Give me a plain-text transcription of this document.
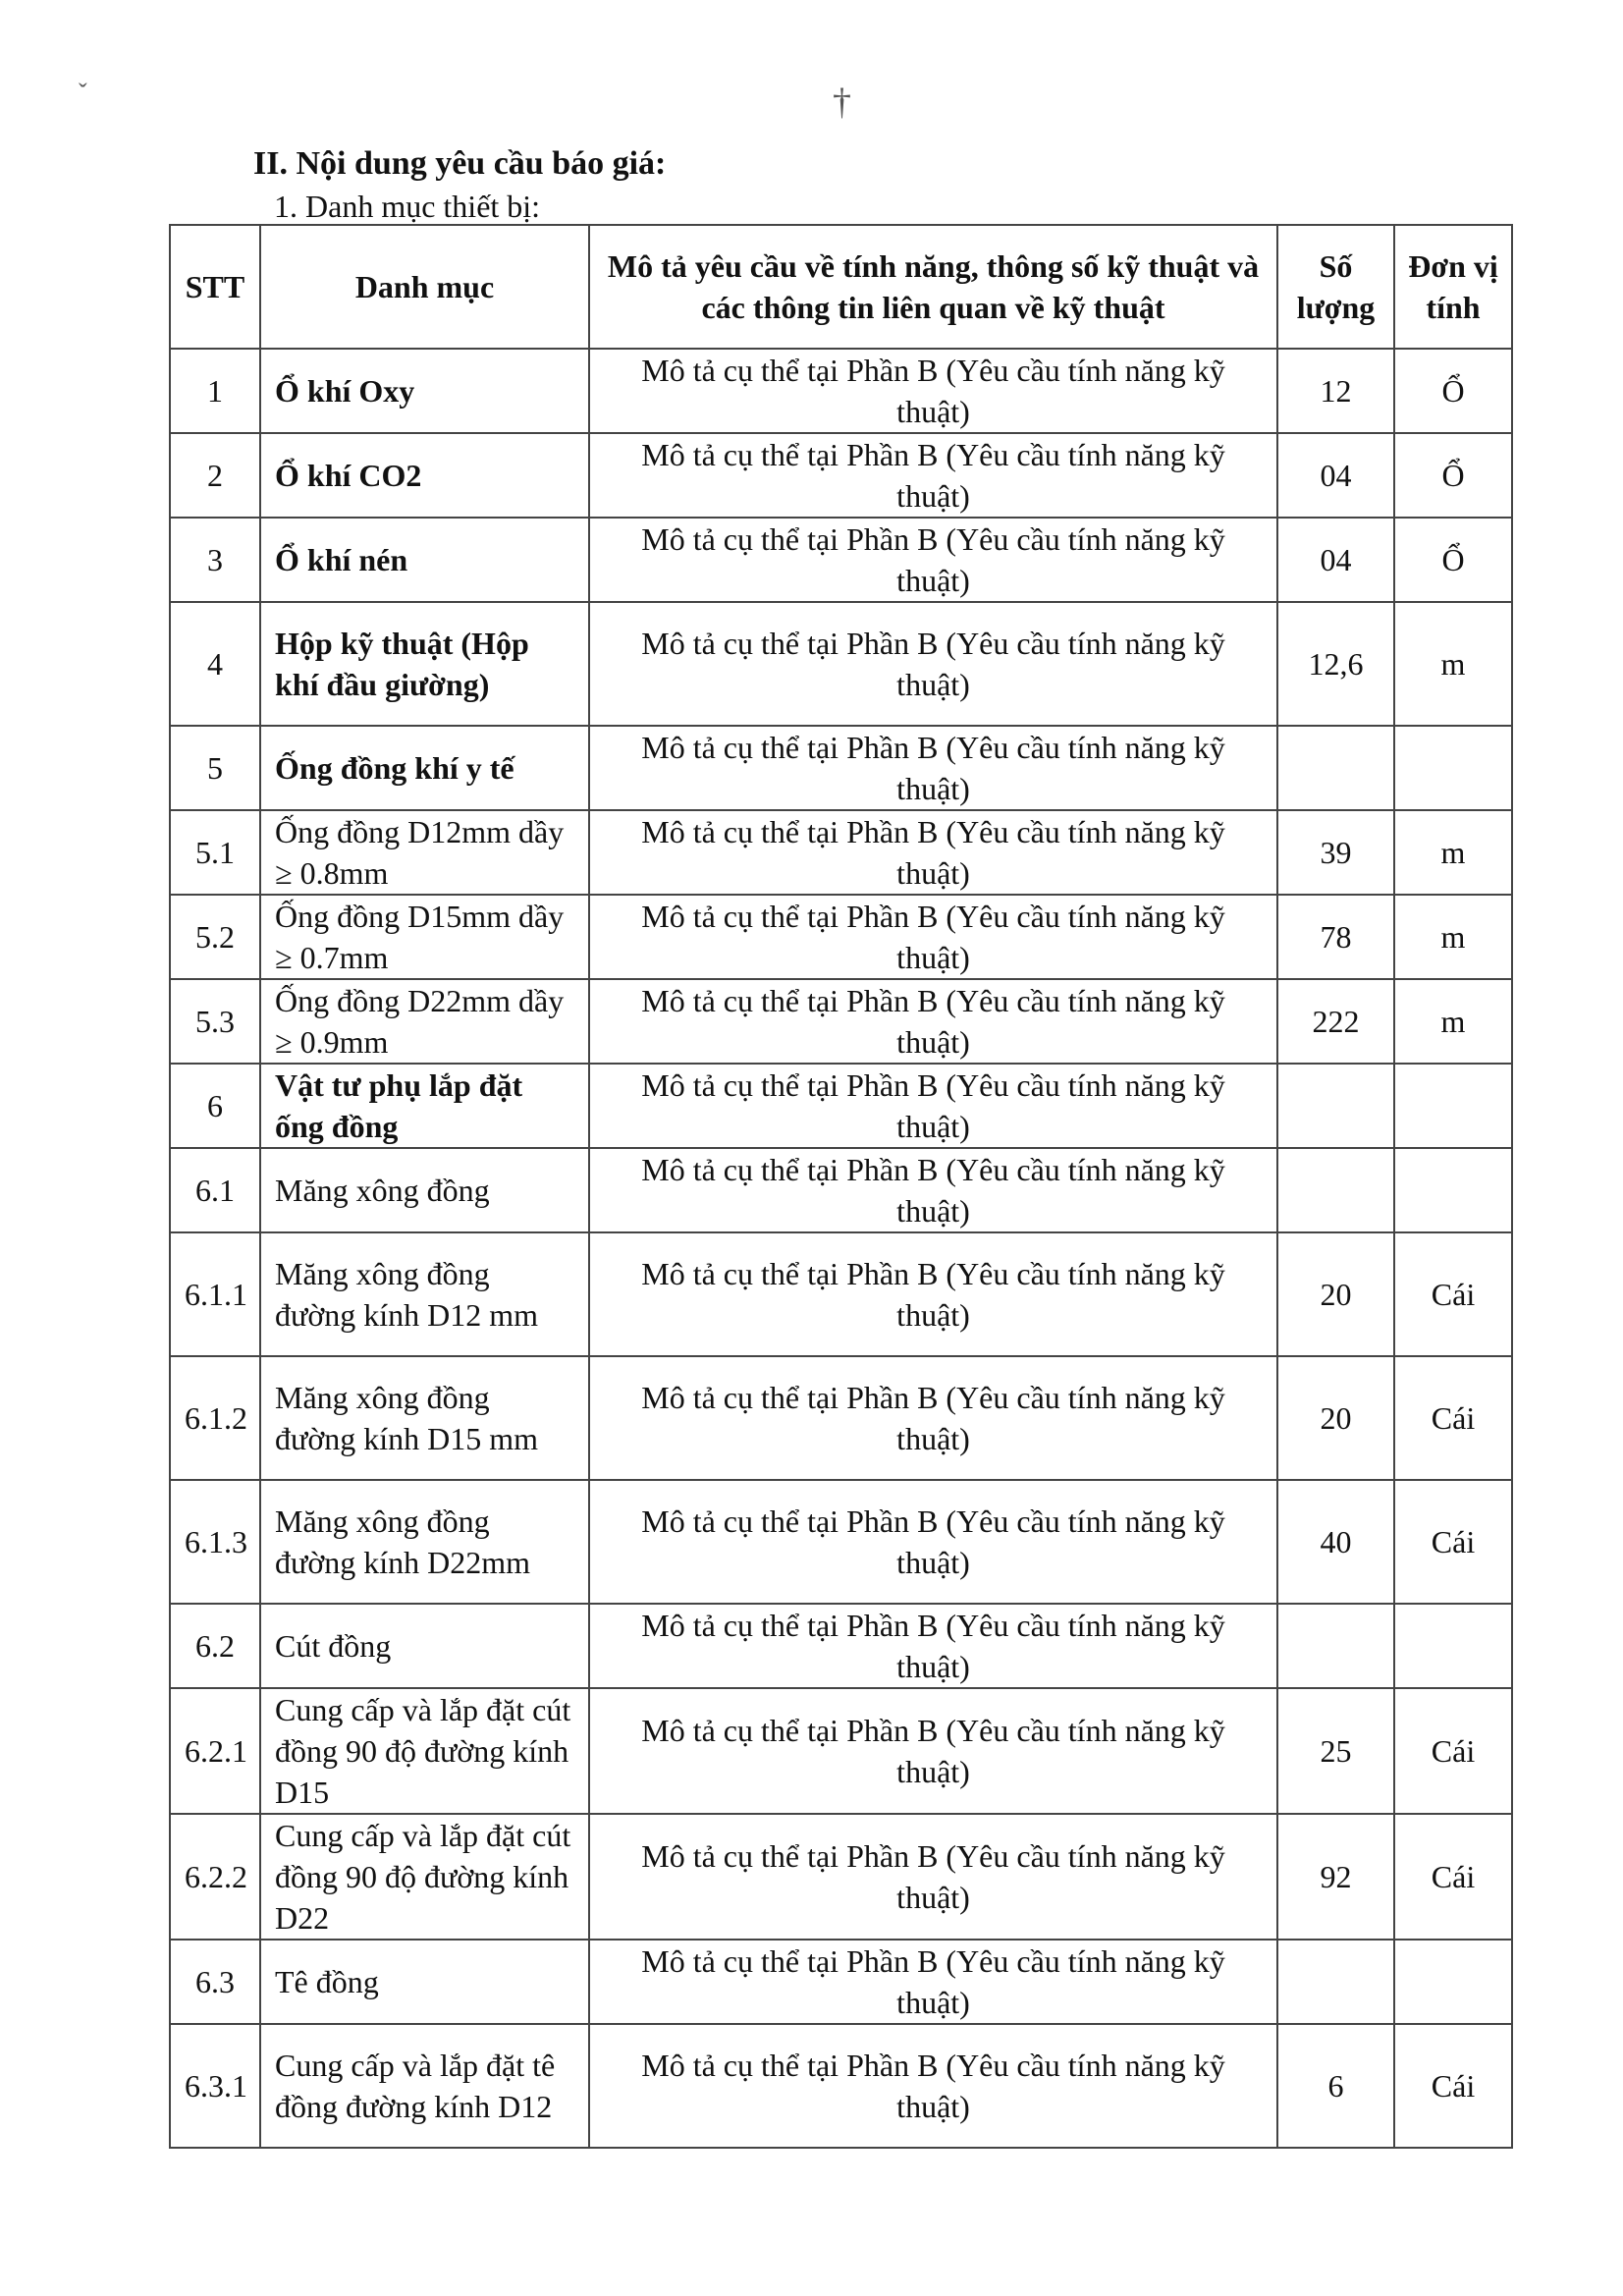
II. Nội dung yêu cầu báo giá:
1. Danh mục thiết bị:
STT	Danh mục	Mô tả yêu cầu về tính năng, thông số kỹ thuật và các thông tin liên quan về kỹ thuật	Số lượng	Đơn vị tính
1	Ổ khí Oxy	Mô tả cụ thể tại Phần B (Yêu cầu tính năng kỹ thuật)	12	Ổ
2	Ổ khí CO2	Mô tả cụ thể tại Phần B (Yêu cầu tính năng kỹ thuật)	04	Ổ
3	Ổ khí nén	Mô tả cụ thể tại Phần B (Yêu cầu tính năng kỹ thuật)	04	Ổ
4	Hộp kỹ thuật (Hộp khí đầu giường)	Mô tả cụ thể tại Phần B (Yêu cầu tính năng kỹ thuật)	12,6	m
5	Ống đồng khí y tế	Mô tả cụ thể tại Phần B (Yêu cầu tính năng kỹ thuật)		
5.1	Ống đồng D12mm dầy ≥ 0.8mm	Mô tả cụ thể tại Phần B (Yêu cầu tính năng kỹ thuật)	39	m
5.2	Ống đồng D15mm dầy ≥ 0.7mm	Mô tả cụ thể tại Phần B (Yêu cầu tính năng kỹ thuật)	78	m
5.3	Ống đồng D22mm dầy ≥ 0.9mm	Mô tả cụ thể tại Phần B (Yêu cầu tính năng kỹ thuật)	222	m
6	Vật tư phụ lắp đặt ống đồng	Mô tả cụ thể tại Phần B (Yêu cầu tính năng kỹ thuật)		
6.1	Măng xông đồng	Mô tả cụ thể tại Phần B (Yêu cầu tính năng kỹ thuật)		
6.1.1	Măng xông đồng đường kính D12 mm	Mô tả cụ thể tại Phần B (Yêu cầu tính năng kỹ thuật)	20	Cái
6.1.2	Măng xông đồng đường kính D15 mm	Mô tả cụ thể tại Phần B (Yêu cầu tính năng kỹ thuật)	20	Cái
6.1.3	Măng xông đồng đường kính D22mm	Mô tả cụ thể tại Phần B (Yêu cầu tính năng kỹ thuật)	40	Cái
6.2	Cút đồng	Mô tả cụ thể tại Phần B (Yêu cầu tính năng kỹ thuật)		
6.2.1	Cung cấp và lắp đặt cút đồng 90 độ đường kính D15	Mô tả cụ thể tại Phần B (Yêu cầu tính năng kỹ thuật)	25	Cái
6.2.2	Cung cấp và lắp đặt cút đồng 90 độ đường kính D22	Mô tả cụ thể tại Phần B (Yêu cầu tính năng kỹ thuật)	92	Cái
6.3	Tê đồng	Mô tả cụ thể tại Phần B (Yêu cầu tính năng kỹ thuật)		
6.3.1	Cung cấp và lắp đặt tê đồng đường kính D12	Mô tả cụ thể tại Phần B (Yêu cầu tính năng kỹ thuật)	6	Cái
ˇ	†
